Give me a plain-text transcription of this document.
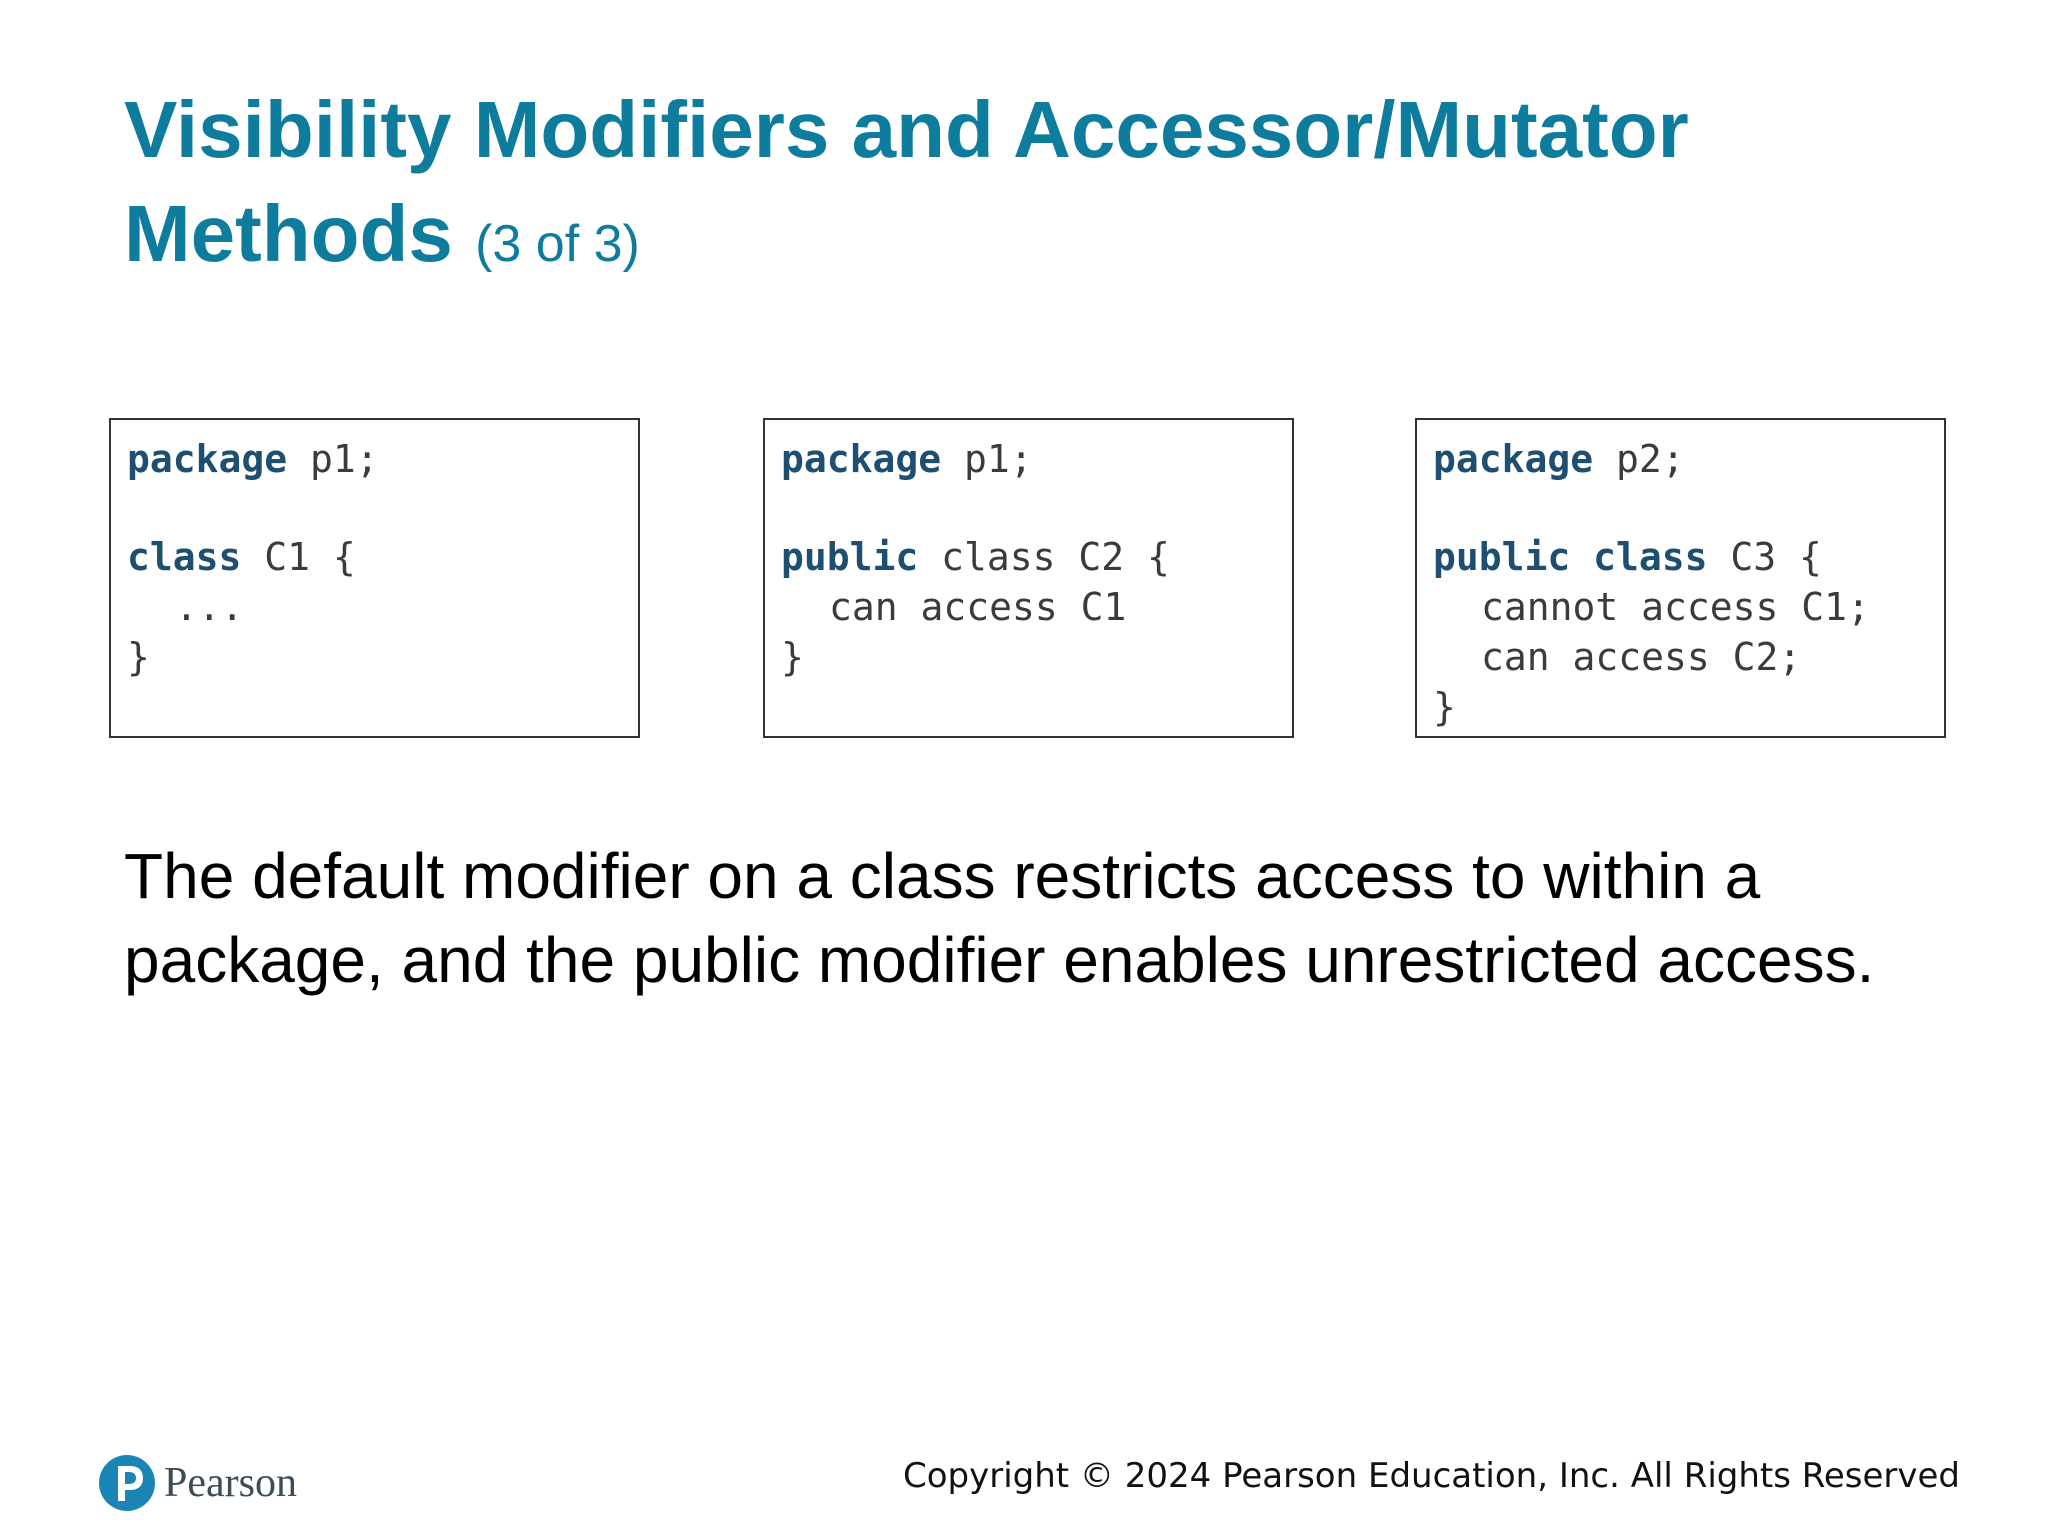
Visibility Modifiers and Accessor/Mutator Methods (3 of 3)
package p1;
class C1 {
...
}
package p1;
public class C2 {
can access C1
}
package p2;
public class C3 {
cannot access C1;
can access C2;
}

The default modifier on a class restricts access to within a package, and the public modifier enables unrestricted access.

Pearson	Copyright © 2024 Pearson Education, Inc. All Rights Reserved
